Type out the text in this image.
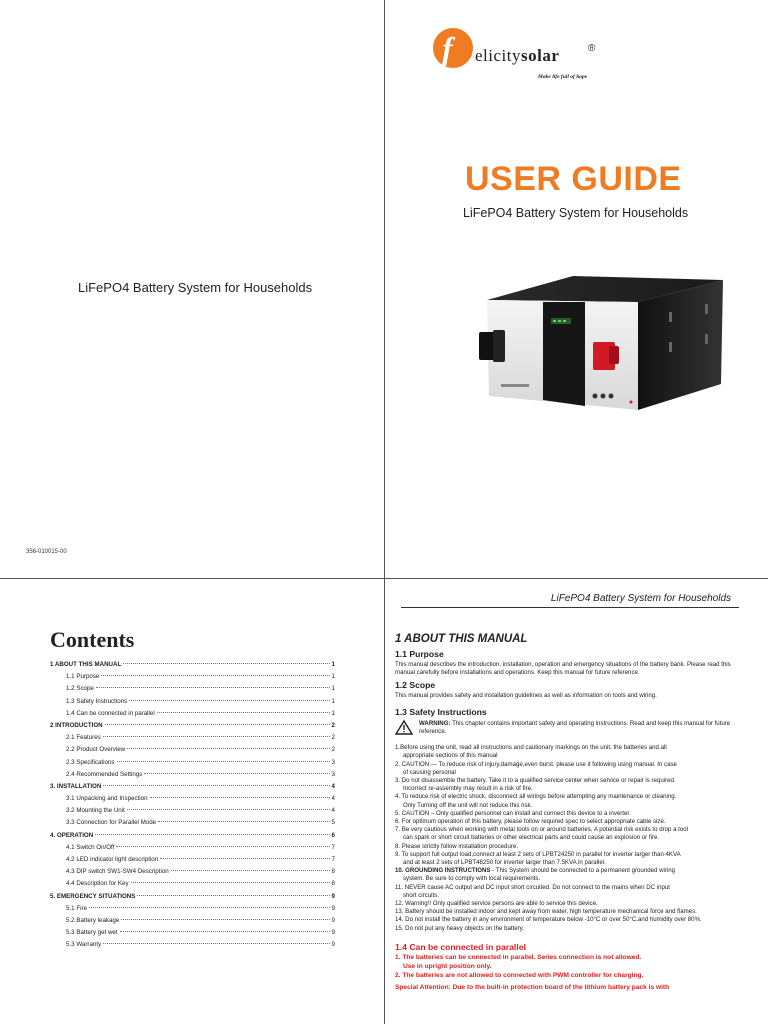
LiFePO4 Battery System for Households
356-010015-00
f elicitysolar	®
Make life full of hope
USER GUIDE
LiFePO4 Battery System for Households
Contents
1 ABOUT THIS MANUAL	1
1.1 Purpose	1
1.2 Scope	1
1.3 Safety Instructions	1
1.4 Can be connected in parallel	1
2 INTRODUCTION	2
2.1 Features	2
2.2 Product Overview	2
2.3 Specifications	3
2.4 Recommended Settings	3
3. INSTALLATION	4
3.1 Unpacking and Inspection	4
3.2 Mounting the Unit	4
3.3 Connection for Parallel Mode	5
4. OPERATION	6
4.1 Switch On/Off	7
4.2 LED indicator light description	7
4.3 DIP switch SW1-SW4 Description	8
4.4 Description for Key	8
5. EMERGENCY SITUATIONS	9
5.1 Fire	9
5.2 Battery leakage	9
5.3 Battery get wet	9
5.3 Warranty	9
LiFePO4 Battery System for Households
1 ABOUT THIS MANUAL
1.1 Purpose
This manual describes the introduction, installation, operation and emergency situations of the battery bank. Please read this manual carefully before installations and operations. Keep this manual for future reference.
1.2 Scope
This manual provides safety and installation guidelines as well as information on tools and wiring.
1.3 Safety Instructions
WARNING: This chapter contains important safety and operating instructions. Read and keep this manual for future reference.
1.Before using the unit, read all instructions and cautionary markings on the unit, the batteries and all
appropriate sections of this manual
2. CAUTION --- To reduce risk of injury,damage,even burst. please use it following using manual. In case
of causing personal
3. Do not disassemble the battery. Take it to a qualified service center when service or repair is required.
Incorrect re-assembly may result in a risk of fire.
4. To reduce risk of electric shock, disconnect all wirings before attempting any maintenance or cleaning.
Only Turning off the unit will not reduce this risk.
5. CAUTION – Only qualified personnel can install and connect this device to a inverter.
6. For optimum operation of this battery, please follow required spec to select appropriate cable size.
7. Be very cautious when working with metal tools on or around batteries. A potential risk exists to drop a tool
can spark or short circuit batteries or other electrical parts and could cause an explosion or fire.
8. Please strictly follow installation procedure.
9. To support full output load,connect at least 2 sets of LPBT24250 in parallel for inverter larger than 4KVA
and at least 2 sets of LPBT48250 for inverter larger than 7.5KVA in parallel.
10. GROUNDING INSTRUCTIONS - This System should be connected to a permanent grounded wiring
system. Be sure to comply with local requirements.
11. NEVER cause AC output and DC input short circuited. Do not connect to the mains when DC input
short circuits.
12. Warning!! Only qualified service persons are able to service this device.
13. Battery should be installed indoor and kept away from water, high temperature mechanical force and flames.
14. Do not install the battery in any environment of temperature below -10°C or over 50°C,and humidity over 80%.
15. Do not put any heavy objects on the battery.
1.4 Can be connected in parallel
1. The batteries can be connected in parallel. Series connection is not allowed.
Use in upright position only.
2. The batteries are not allowed to connected with PWM controller for charging.
Special Attention: Due to the built-in protection board of the lithium battery pack is with
